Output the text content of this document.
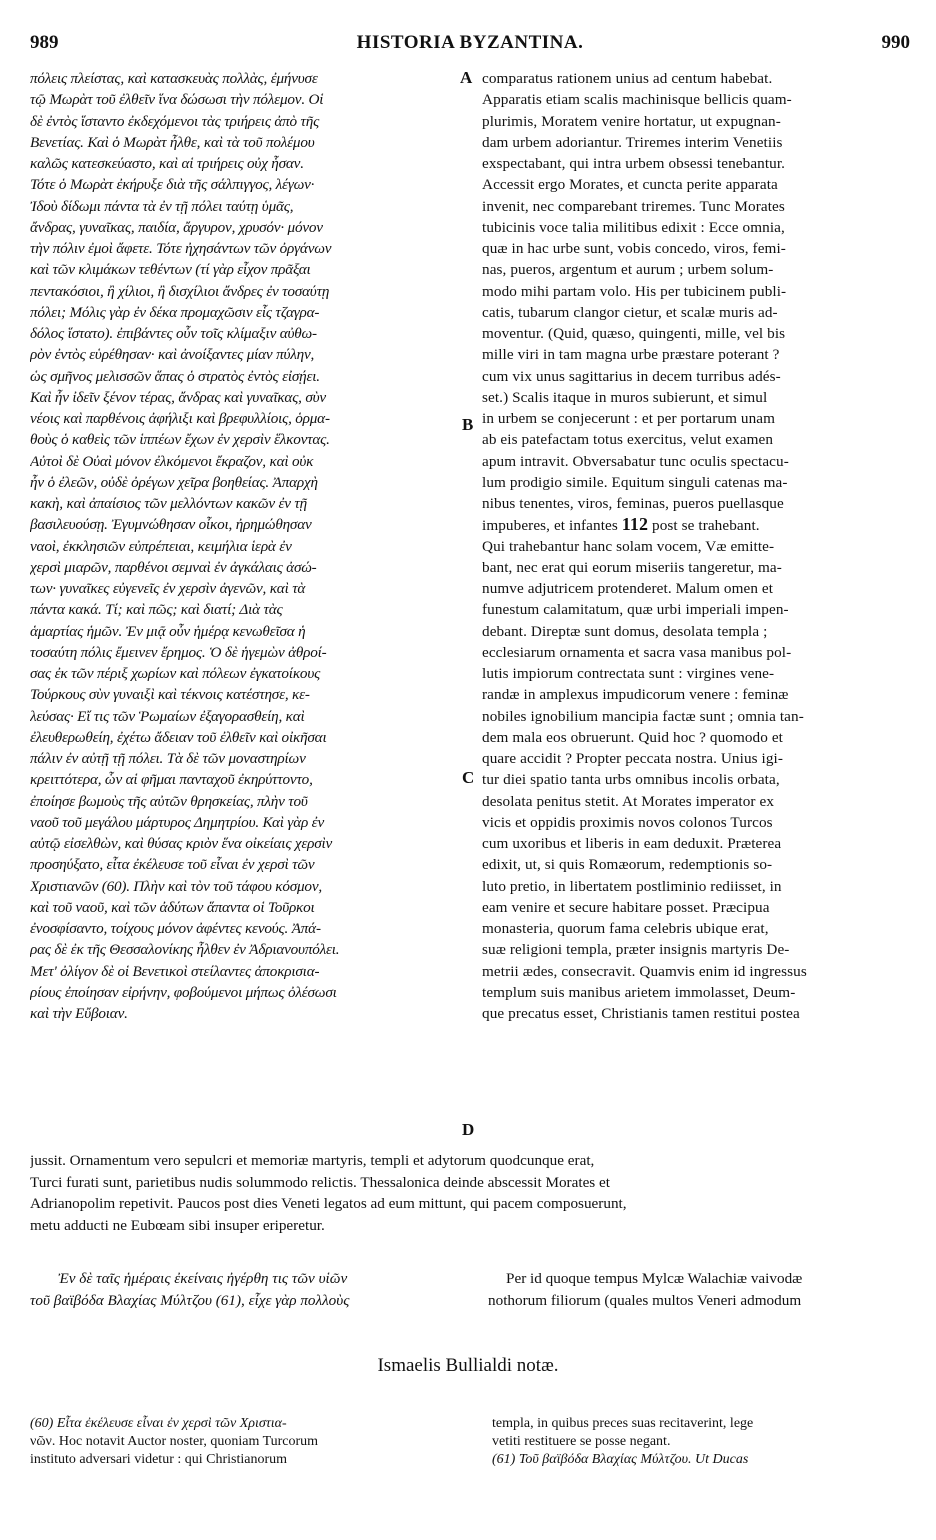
989	HISTORIA BYZANTINA.	990
A
B
C
D
πόλεις πλείστας, καὶ κατασκευὰς πολλὰς, ἐμήνυσε
τῷ Μωρὰτ τοῦ ἐλθεῖν ἵνα δώσωσι τὴν πόλεμον. Οἱ
δὲ ἐντὸς ἵσταντο ἐκδεχόμενοι τὰς τριήρεις ἀπὸ τῆς
Βενετίας. Καὶ ὁ Μωρὰτ ἦλθε, καὶ τὰ τοῦ πολέμου
καλῶς κατεσκεύαστο, καὶ αἱ τριήρεις οὐχ ἧσαν.
Τότε ὁ Μωρὰτ ἐκήρυξε διὰ τῆς σάλπιγγος, λέγων·
Ἰδοὺ δίδωμι πάντα τὰ ἐν τῇ πόλει ταύτῃ ὑμᾶς,
ἄνδρας, γυναῖκας, παιδία, ἄργυρον, χρυσόν· μόνον
τὴν πόλιν ἐμοὶ ἄφετε. Τότε ἠχησάντων τῶν ὀργάνων
καὶ τῶν κλιμάκων τεθέντων (τί γὰρ εἶχον πρᾶξαι
πεντακόσιοι, ἢ χίλιοι, ἢ δισχίλιοι ἄνδρες ἐν τοσαύτῃ
πόλει; Μόλις γὰρ ἐν δέκα προμαχῶσιν εἷς τζαγρα-
δόλος ἵστατο). ἐπιβάντες οὖν τοῖς κλίμαξιν αὐθω-
ρὸν ἐντὸς εὑρέθησαν· καὶ ἀνοίξαντες μίαν πύλην,
ὡς σμῆνος μελισσῶν ἅπας ὁ στρατὸς ἐντὸς εἰσῄει.
Καὶ ἦν ἰδεῖν ξένον τέρας, ἄνδρας καὶ γυναῖκας, σὺν
νέοις καὶ παρθένοις ἀφήλιξι καὶ βρεφυλλίοις, ὁρμα-
θοὺς ὁ καθεὶς τῶν ἱππέων ἔχων ἐν χερσὶν ἕλκοντας.
Αὐτοὶ δὲ Οὐαὶ μόνον ἐλκόμενοι ἔκραζον, καὶ οὐκ
ἦν ὁ ἐλεῶν, οὐδὲ ὀρέγων χεῖρα βοηθείας. Ἀπαρχὴ
κακὴ, καὶ ἀπαίσιος τῶν μελλόντων κακῶν ἐν τῇ
βασιλευούσῃ. Ἐγυμνώθησαν οἶκοι, ἠρημώθησαν
ναοὶ, ἐκκλησιῶν εὐπρέπειαι, κειμήλια ἱερὰ ἐν
χερσὶ μιαρῶν, παρθένοι σεμναὶ ἐν ἀγκάλαις ἀσώ-
των· γυναῖκες εὐγενεῖς ἐν χερσὶν ἀγενῶν, καὶ τὰ
πάντα κακά. Τί; καὶ πῶς; καὶ διατί; Διὰ τὰς
ἁμαρτίας ἡμῶν. Ἐν μιᾷ οὖν ἡμέρᾳ κενωθεῖσα ἡ
τοσαύτη πόλις ἔμεινεν ἔρημος. Ὁ δὲ ἡγεμὼν ἀθροί-
σας ἐκ τῶν πέριξ χωρίων καὶ πόλεων ἐγκατοίκους
Τούρκους σὺν γυναιξὶ καὶ τέκνοις κατέστησε, κε-
λεύσας· Εἴ τις τῶν Ῥωμαίων ἐξαγορασθείη, καὶ
ἐλευθερωθείη, ἐχέτω ἄδειαν τοῦ ἐλθεῖν καὶ οἰκῆσαι
πάλιν ἐν αὐτῇ τῇ πόλει. Τὰ δὲ τῶν μοναστηρίων
κρειττότερα, ὧν αἱ φῆμαι πανταχοῦ ἐκηρύττοντο,
ἐποίησε βωμοὺς τῆς αὐτῶν θρησκείας, πλὴν τοῦ
ναοῦ τοῦ μεγάλου μάρτυρος Δημητρίου. Καὶ γὰρ ἐν
αὐτῷ εἰσελθὼν, καὶ θύσας κριὸν ἕνα οἰκείαις χερσὶν
προσηύξατο, εἶτα ἐκέλευσε τοῦ εἶναι ἐν χερσὶ τῶν
Χριστιανῶν (60). Πλὴν καὶ τὸν τοῦ τάφου κόσμον,
καὶ τοῦ ναοῦ, καὶ τῶν ἀδύτων ἅπαντα οἱ Τοῦρκοι
ἐνοσφίσαντο, τοίχους μόνον ἀφέντες κενούς. Ἀπά-
ρας δὲ ἐκ τῆς Θεσσαλονίκης ἦλθεν ἐν Ἀδριανουπόλει.
Μετ' ὀλίγον δὲ οἱ Βενετικοὶ στείλαντες ἀποκρισια-
ρίους ἐποίησαν εἰρήνην, φοβούμενοι μήπως ὀλέσωσι
καὶ τὴν Εὔβοιαν.
comparatus rationem unius ad centum habebat.
Apparatis etiam scalis machinisque bellicis quam-
plurimis, Moratem venire hortatur, ut expugnan-
dam urbem adoriantur. Triremes interim Venetiis
exspectabant, qui intra urbem obsessi tenebantur.
Accessit ergo Morates, et cuncta perite apparata
invenit, nec comparebant triremes. Tunc Morates
tubicinis voce talia militibus edixit : Ecce omnia,
quæ in hac urbe sunt, vobis concedo, viros, femi-
nas, pueros, argentum et aurum ; urbem solum-
modo mihi partam volo. His per tubicinem publi-
catis, tubarum clangor cietur, et scalæ muris ad-
moventur. (Quid, quæso, quingenti, mille, vel bis
mille viri in tam magna urbe præstare poterant ?
cum vix unus sagittarius in decem turribus adés-
set.) Scalis itaque in muros subierunt, et simul
in urbem se conjecerunt : et per portarum unam
ab eis patefactam totus exercitus, velut examen
apum intravit. Obversabatur tunc oculis spectacu-
lum prodigio simile. Equitum singuli catenas ma-
nibus tenentes, viros, feminas, pueros puellasque
impuberes, et infantes 112 post se trahebant.
Qui trahebantur hanc solam vocem, Væ emitte-
bant, nec erat qui eorum miseriis tangeretur, ma-
numve adjutricem protenderet. Malum omen et
funestum calamitatum, quæ urbi imperiali impen-
debant. Direptæ sunt domus, desolata templa ;
ecclesiarum ornamenta et sacra vasa manibus pol-
lutis impiorum contrectata sunt : virgines vene-
randæ in amplexus impudicorum venere : feminæ
nobiles ignobilium mancipia factæ sunt ; omnia tan-
dem mala eos obruerunt. Quid hoc ? quomodo et
quare accidit ? Propter peccata nostra. Unius igi-
tur diei spatio tanta urbs omnibus incolis orbata,
desolata penitus stetit. At Morates imperator ex
vicis et oppidis proximis novos colonos Turcos
cum uxoribus et liberis in eam deduxit. Præterea
edixit, ut, si quis Romæorum, redemptionis so-
luto pretio, in libertatem postliminio rediisset, in
eam venire et secure habitare posset. Præcipua
monasteria, quorum fama celebris ubique erat,
suæ religioni templa, præter insignis martyris De-
metrii ædes, consecravit. Quamvis enim id ingressus
templum suis manibus arietem immolasset, Deum-
que precatus esset, Christianis tamen restitui postea
jussit. Ornamentum vero sepulcri et memoriæ martyris, templi et adytorum quodcunque erat,
Turci furati sunt, parietibus nudis solummodo relictis. Thessalonica deinde abscessit Morates et
Adrianopolim repetivit. Paucos post dies Veneti legatos ad eum mittunt, qui pacem composuerunt,
metu adducti ne Eubœam sibi insuper eriperetur.
Ἐν δὲ ταῖς ἡμέραις ἐκείναις ἠγέρθη τις τῶν υἱῶν
τοῦ βαϊβόδα Βλαχίας Μύλτζου (61), εἶχε γὰρ πολλοὺς
Per id quoque tempus Mylcæ Walachiæ vaivodæ
nothorum filiorum (quales multos Veneri admodum
Ismaelis Bullialdi notæ.
(60) Εἶτα ἐκέλευσε εἶναι ἐν χερσὶ τῶν Χριστια-
νῶν. Hoc notavit Auctor noster, quoniam Turcorum
instituto adversari videtur : qui Christianorum
templa, in quibus preces suas recitaverint, lege
vetiti restituere se posse negant.
(61) Τοῦ βαϊβόδα Βλαχίας Μύλτζου. Ut Ducas
